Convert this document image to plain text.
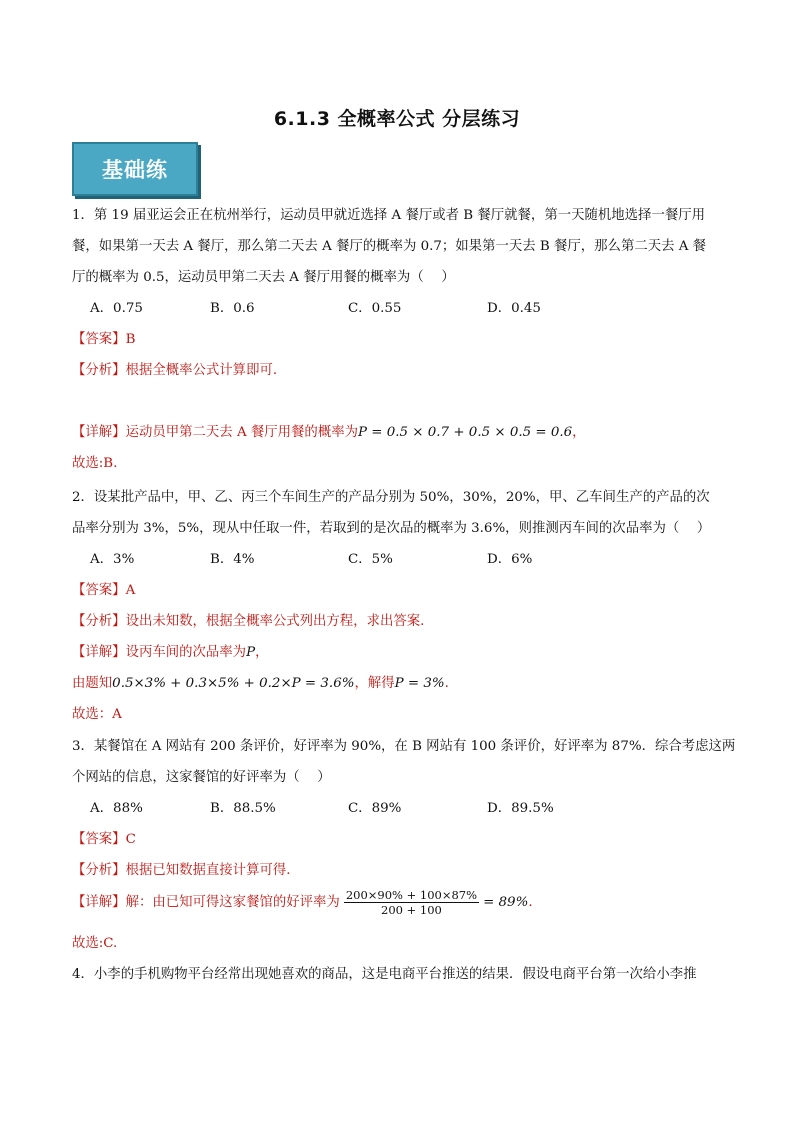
6.1.3 全概率公式 分层练习
基础练
1．第 19 届亚运会正在杭州举行，运动员甲就近选择 A 餐厅或者 B 餐厅就餐，第一天随机地选择一餐厅用
餐，如果第一天去 A 餐厅，那么第二天去 A 餐厅的概率为 0.7；如果第一天去 B 餐厅，那么第二天去 A 餐
厅的概率为 0.5，运动员甲第二天去 A 餐厅用餐的概率为（　 ）
A．0.75	B．0.6	C．0.55	D．0.45
【答案】B
【分析】根据全概率公式计算即可.
【详解】运动员甲第二天去 A 餐厅用餐的概率为P = 0.5 × 0.7 + 0.5 × 0.5 = 0.6，
故选:B.
2．设某批产品中，甲、乙、丙三个车间生产的产品分别为 50%，30%，20%，甲、乙车间生产的产品的次
品率分别为 3%，5%，现从中任取一件，若取到的是次品的概率为 3.6%，则推测丙车间的次品率为（　 ）
A．3%	B．4%	C．5%	D．6%
【答案】A
【分析】设出未知数，根据全概率公式列出方程，求出答案.
【详解】设丙车间的次品率为P，
由题知0.5×3% + 0.3×5% + 0.2×P = 3.6%，解得P = 3%.
故选：A
3．某餐馆在 A 网站有 200 条评价，好评率为 90%，在 B 网站有 100 条评价，好评率为 87%．综合考虑这两
个网站的信息，这家餐馆的好评率为（　 ）
A．88%	B．88.5%	C．89%	D．89.5%
【答案】C
【分析】根据已知数据直接计算可得.
【详解】解：由已知可得这家餐馆的好评率为 $\frac{200\times 90\% + 100\times 87\%}{200 + 100} = 89\%$.
故选:C.
4．小李的手机购物平台经常出现她喜欢的商品，这是电商平台推送的结果．假设电商平台第一次给小李推
